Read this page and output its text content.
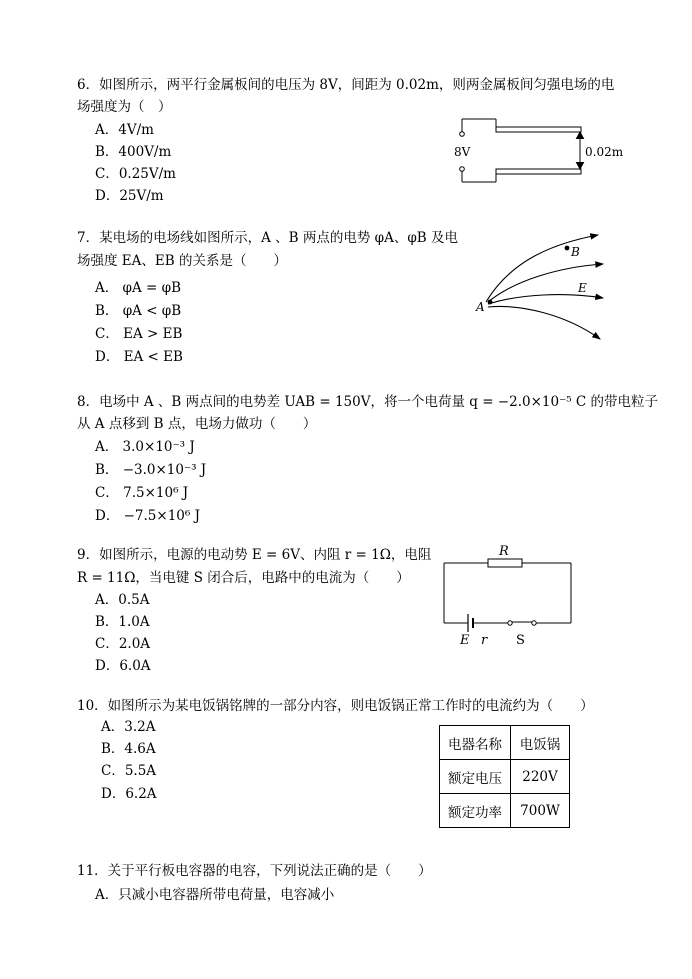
6．如图所示，两平行金属板间的电压为 8V，间距为 0.02m，则两金属板间匀强电场的电
场强度为（　）
A．4V/m
B．400V/m
C．0.25V/m
D．25V/m
8V	0.02m
7．某电场的电场线如图所示，A 、B 两点的电势 φA、φB 及电
场强度 EA、EB 的关系是（　　）
A． φA = φB
B． φA < φB
C． EA > EB
D． EA < EB
A
B
E
8．电场中 A 、B 两点间的电势差 UAB = 150V，将一个电荷量 q = −2.0×10⁻⁵ C 的带电粒子
从 A 点移到 B 点，电场力做功（　　）
A． 3.0×10⁻³ J
B． −3.0×10⁻³ J
C． 7.5×10⁶ J
D． −7.5×10⁶ J
9．如图所示，电源的电动势 E = 6V、内阻 r = 1Ω，电阻
R = 11Ω，当电键 S 闭合后，电路中的电流为（　　）
A．0.5A
B．1.0A
C．2.0A
D．6.0A
R
E r S
10．如图所示为某电饭锅铭牌的一部分内容，则电饭锅正常工作时的电流约为（　　）
A．3.2A
B．4.6A
C．5.5A
D．6.2A
电器名称	电饭锅
额定电压	220V
额定功率	700W
11．关于平行板电容器的电容，下列说法正确的是（　　）
A．只减小电容器所带电荷量，电容减小
